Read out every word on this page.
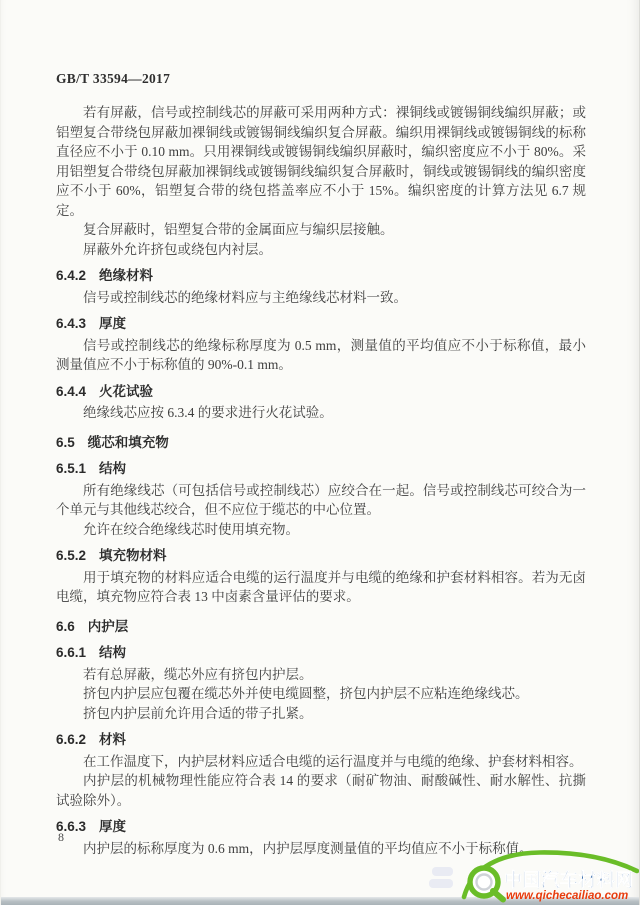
GB/T 33594—2017

若有屏蔽，信号或控制线芯的屏蔽可采用两种方式：裸铜线或镀锡铜线编织屏蔽；或铝塑复合带绕包屏蔽加裸铜线或镀锡铜线编织复合屏蔽。编织用裸铜线或镀锡铜线的标称直径应不小于 0.10 mm。只用裸铜线或镀锡铜线编织屏蔽时，编织密度应不小于 80%。采用铝塑复合带绕包屏蔽加裸铜线或镀锡铜线编织复合屏蔽时，铜线或镀锡铜线的编织密度应不小于 60%，铝塑复合带的绕包搭盖率应不小于 15%。编织密度的计算方法见 6.7 规定。

复合屏蔽时，铝塑复合带的金属面应与编织层接触。

屏蔽外允许挤包或绕包内衬层。

6.4.2 绝缘材料

信号或控制线芯的绝缘材料应与主绝缘线芯材料一致。

6.4.3 厚度

信号或控制线芯的绝缘标称厚度为 0.5 mm，测量值的平均值应不小于标称值，最小测量值应不小于标称值的 90%-0.1 mm。

6.4.4 火花试验

绝缘线芯应按 6.3.4 的要求进行火花试验。

6.5 缆芯和填充物
6.5.1 结构

所有绝缘线芯（可包括信号或控制线芯）应绞合在一起。信号或控制线芯可绞合为一个单元与其他线芯绞合，但不应位于缆芯的中心位置。

允许在绞合绝缘线芯时使用填充物。

6.5.2 填充物材料

用于填充物的材料应适合电缆的运行温度并与电缆的绝缘和护套材料相容。若为无卤电缆，填充物应符合表 13 中卤素含量评估的要求。

6.6 内护层
6.6.1 结构

若有总屏蔽，缆芯外应有挤包内护层。

挤包内护层应包覆在缆芯外并使电缆圆整，挤包内护层不应粘连绝缘线芯。

挤包内护层前允许用合适的带子扎紧。

6.6.2 材料

在工作温度下，内护层材料应适合电缆的运行温度并与电缆的绝缘、护套材料相容。

内护层的机械物理性能应符合表 14 的要求（耐矿物油、耐酸碱性、耐水解性、抗撕试验除外）。

6.6.3 厚度

内护层的标称厚度为 0.6 mm，内护层厚度测量值的平均值应不小于标称值。

8
中国汽车材料网
www.qichecailiao.com
